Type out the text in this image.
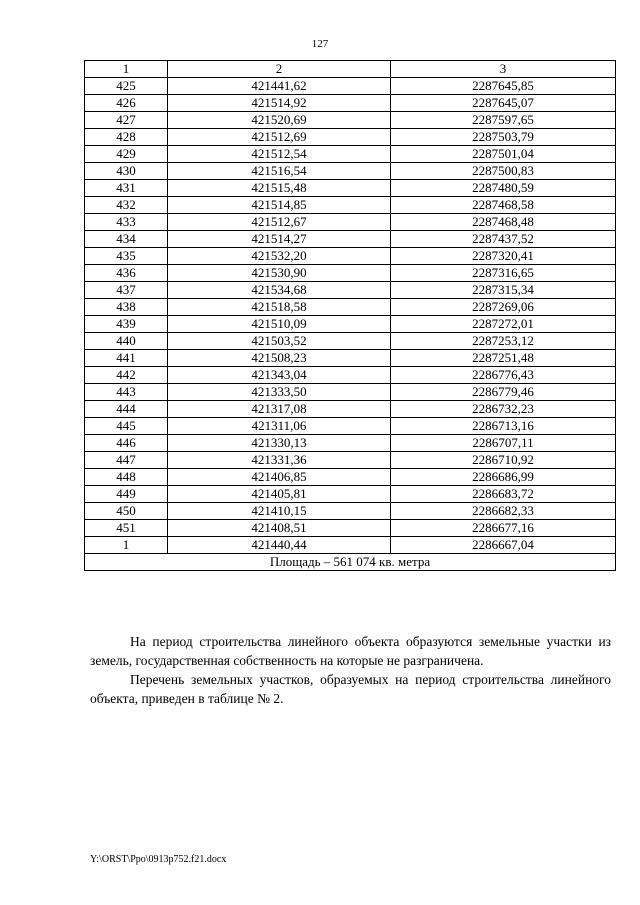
127
1	2	3
425	421441,62	2287645,85
426	421514,92	2287645,07
427	421520,69	2287597,65
428	421512,69	2287503,79
429	421512,54	2287501,04
430	421516,54	2287500,83
431	421515,48	2287480,59
432	421514,85	2287468,58
433	421512,67	2287468,48
434	421514,27	2287437,52
435	421532,20	2287320,41
436	421530,90	2287316,65
437	421534,68	2287315,34
438	421518,58	2287269,06
439	421510,09	2287272,01
440	421503,52	2287253,12
441	421508,23	2287251,48
442	421343,04	2286776,43
443	421333,50	2286779,46
444	421317,08	2286732,23
445	421311,06	2286713,16
446	421330,13	2286707,11
447	421331,36	2286710,92
448	421406,85	2286686,99
449	421405,81	2286683,72
450	421410,15	2286682,33
451	421408,51	2286677,16
1	421440,44	2286667,04
Площадь – 561 074 кв. метра		

На период строительства линейного объекта образуются земельные участки из земель, государственная собственность на которые не разграничена.

Перечень земельных участков, образуемых на период строительства линейного объекта, приведен в таблице № 2.

Y:\ORST\Ppo\0913p752.f21.docx
